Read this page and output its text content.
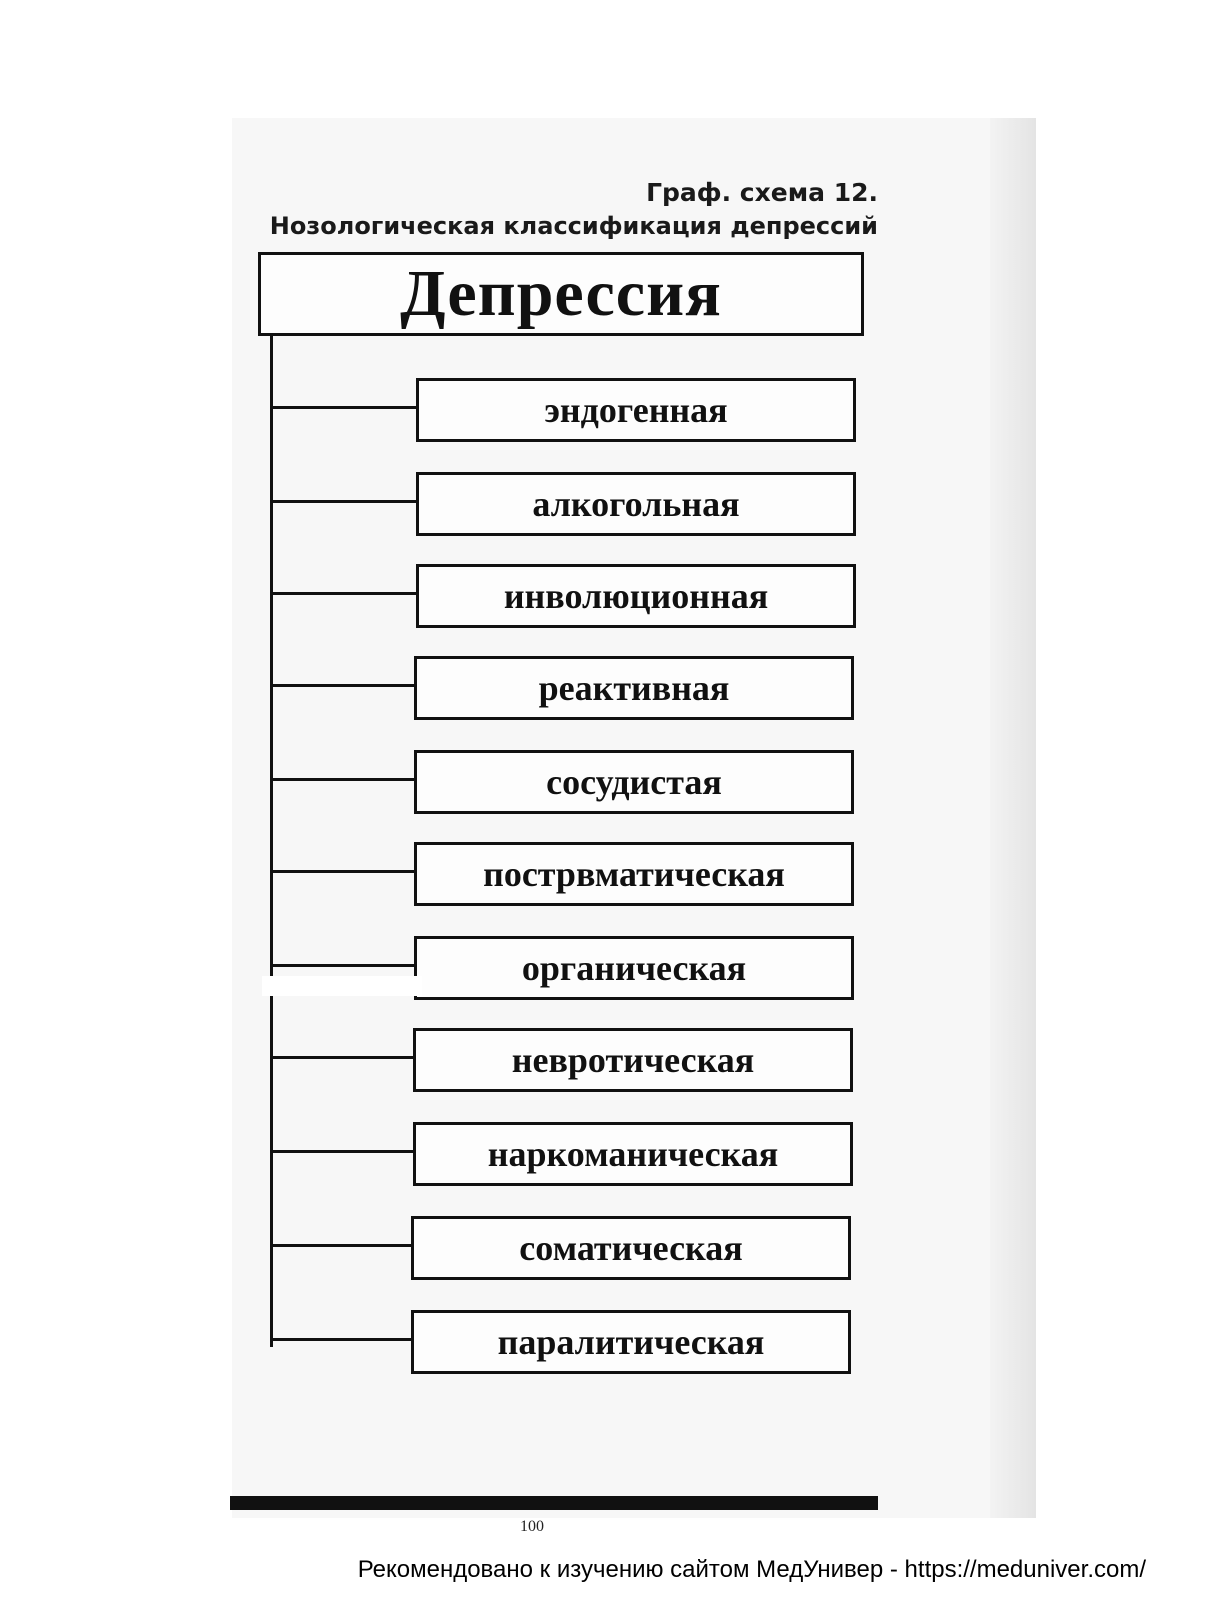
Граф. схема 12.
Нозологическая классификация депрессий
Депрессия
эндогенная
алкогольная
инволюционная
реактивная
сосудистая
пострвматическая
органическая
невротическая
наркоманическая
соматическая
паралитическая
100
Рекомендовано к изучению сайтом МедУнивер - https://meduniver.com/
